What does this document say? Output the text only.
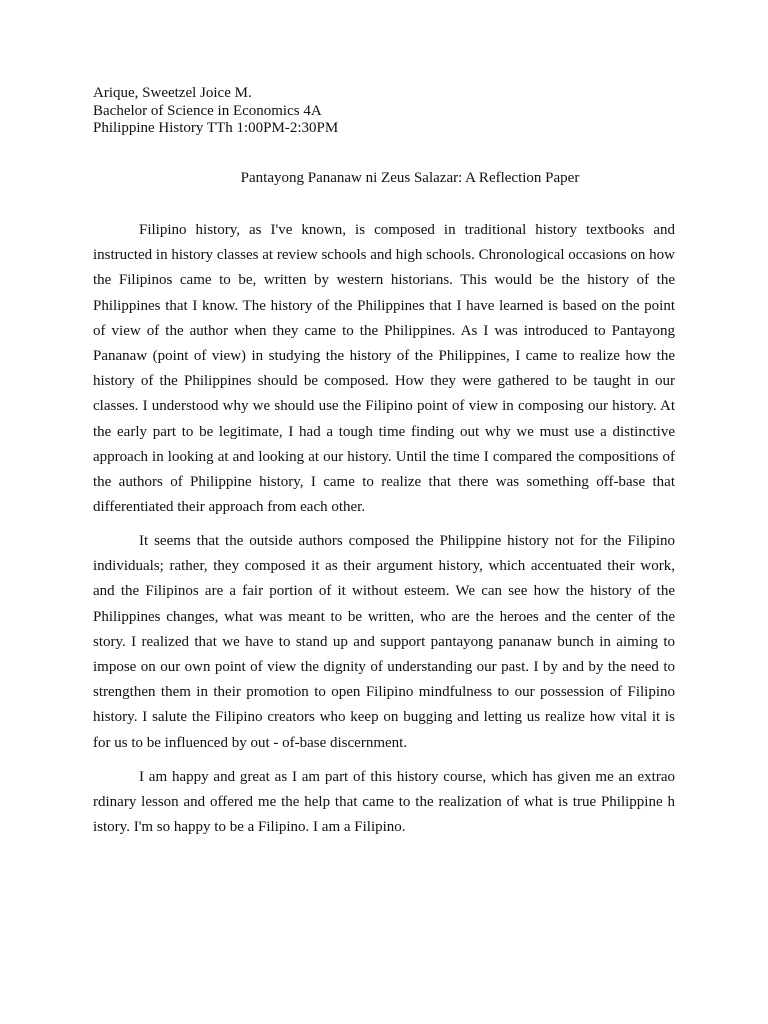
Arique, Sweetzel Joice M.
Bachelor of Science in Economics 4A
Philippine History TTh 1:00PM-2:30PM
Pantayong Pananaw ni Zeus Salazar: A Reflection Paper

Filipino history, as I've known, is composed in traditional history textbooks and instructed in history classes at review schools and high schools. Chronological occasions on how the Filipinos came to be, written by western historians. This would be the history of the Philippines that I know. The history of the Philippines that I have learned is based on the point of view of the author when they came to the Philippines. As I was introduced to Pantayong Pananaw (point of view) in studying the history of the Philippines, I came to realize how the history of the Philippines should be composed. How they were gathered to be taught in our classes. I understood why we should use the Filipino point of view in composing our history. At the early part to be legitimate, I had a tough time finding out why we must use a distinctive approach in looking at and looking at our history. Until the time I compared the compositions of the authors of Philippine history, I came to realize that there was something off-base that differentiated their approach from each other.

It seems that the outside authors composed the Philippine history not for the Filipino individuals; rather, they composed it as their argument history, which accentuated their work, and the Filipinos are a fair portion of it without esteem. We can see how the history of the Philippines changes, what was meant to be written, who are the heroes and the center of the story. I realized that we have to stand up and support pantayong pananaw bunch in aiming to impose on our own point of view the dignity of understanding our past. I by and by the need to strengthen them in their promotion to open Filipino mindfulness to our possession of Filipino history. I salute the Filipino creators who keep on bugging and letting us realize how vital it is for us to be influenced by out - of-base discernment.

I am happy and great as I am part of this history course, which has given me an extrao rdinary lesson and offered me the help that came to the realization of what is true Philippine h istory. I'm so happy to be a Filipino. I am a Filipino.
